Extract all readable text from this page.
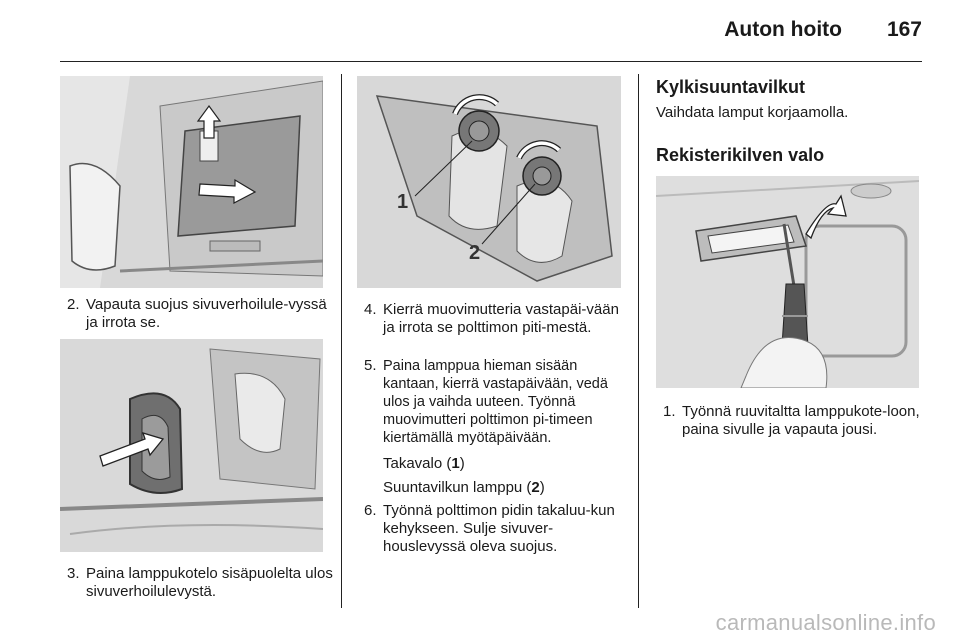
Auton hoito 167
2. Vapauta suojus sivuverhoilule-vyssä ja irrota se.
3. Paina lamppukotelo sisäpuolelta ulos sivuverhoilulevystä.
1
2
4. Kierrä muovimutteria vastapäi-vään ja irrota se polttimon piti-mestä.
5. Paina lamppua hieman sisään kantaan, kierrä vastapäivään, vedä ulos ja vaihda uuteen. Työnnä muovimutteri polttimon pi-timeen kiertämällä myötäpäivään.
Takavalo (1)
Suuntavilkun lamppu (2)
6. Työnnä polttimon pidin takaluu-kun kehykseen. Sulje sivuver-houslevyssä oleva suojus.
Kylkisuuntavilkut
Vaihdata lamput korjaamolla.
Rekisterikilven valo
1. Työnnä ruuvitaltta lamppukote-loon, paina sivulle ja vapauta jousi.
carmanualsonline.info
